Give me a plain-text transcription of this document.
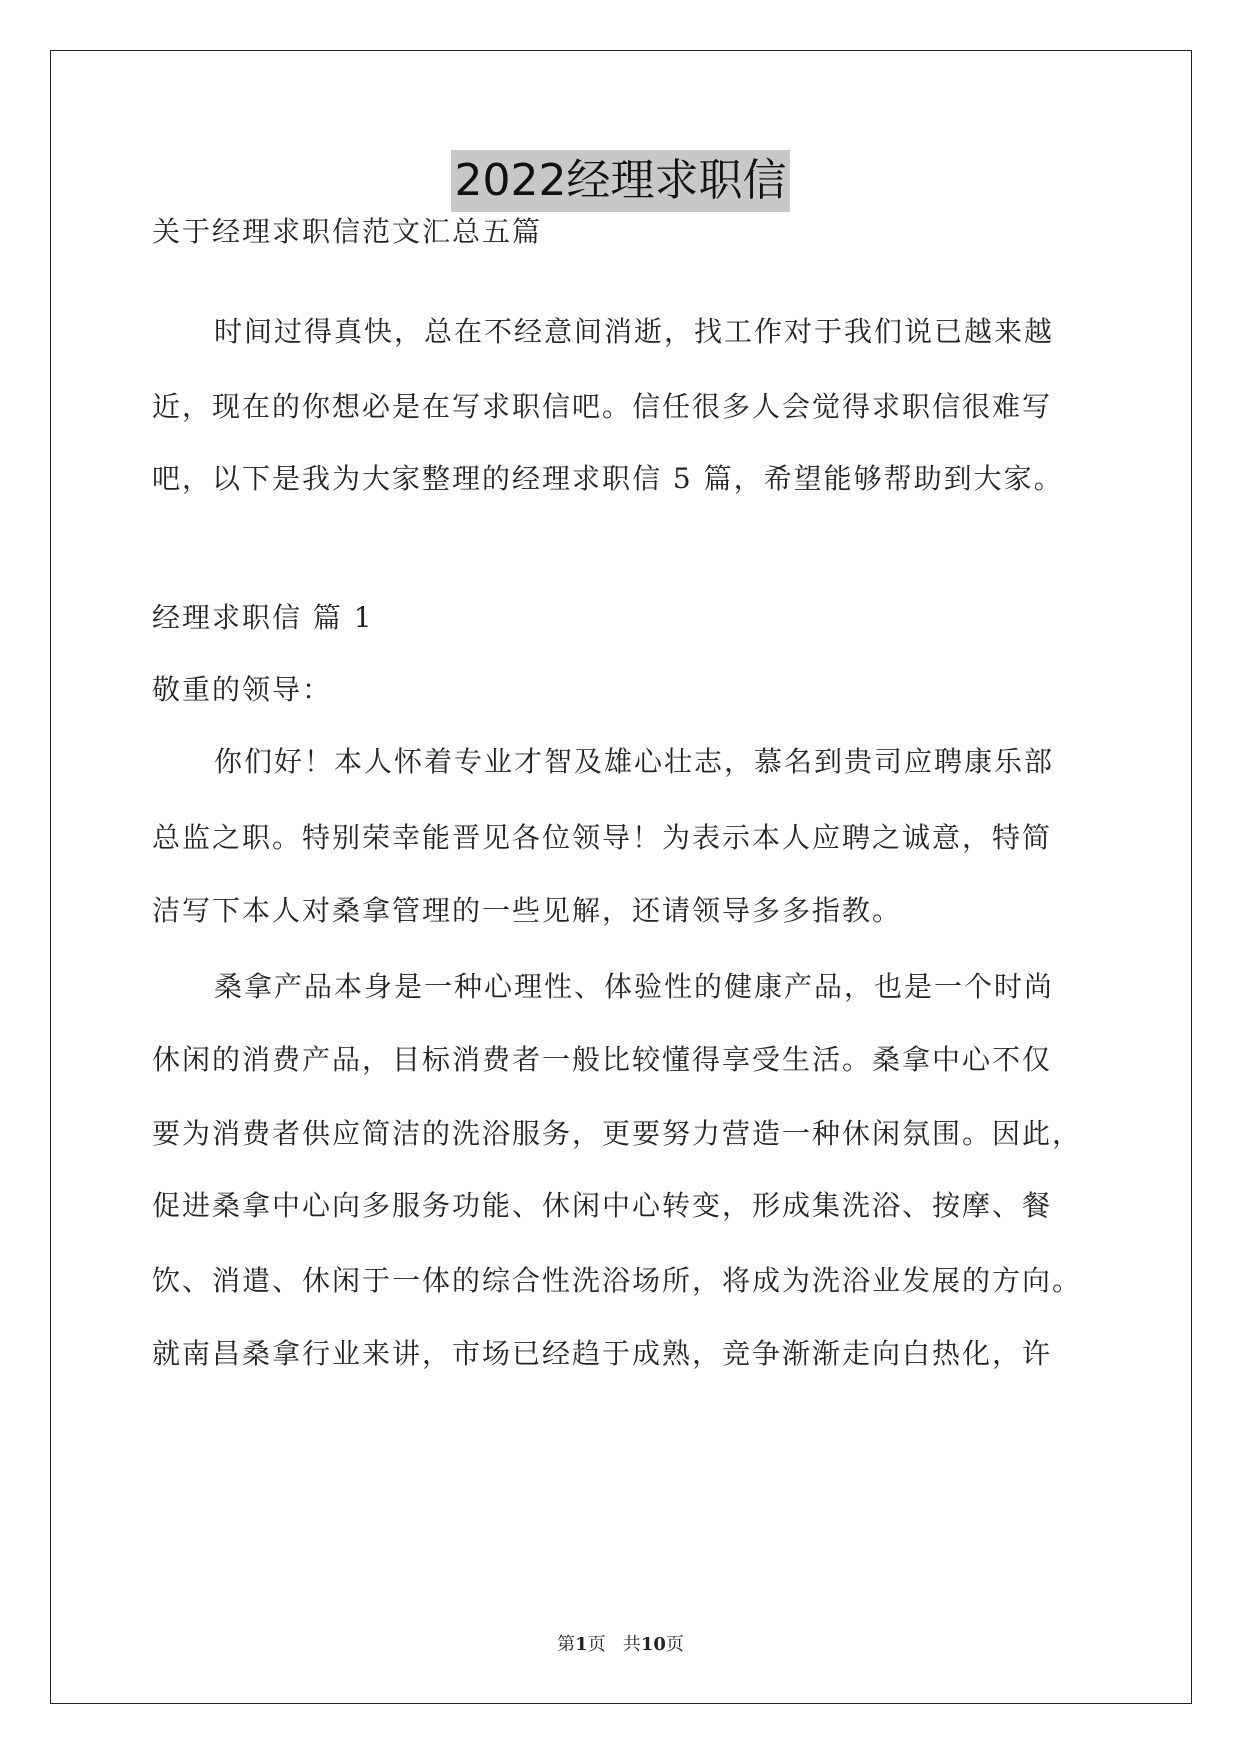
2022经理求职信
关于经理求职信范文汇总五篇
时间过得真快，总在不经意间消逝，找工作对于我们说已越来越
近，现在的你想必是在写求职信吧。信任很多人会觉得求职信很难写
吧，以下是我为大家整理的经理求职信 5 篇，希望能够帮助到大家。
经理求职信 篇 1
敬重的领导：
你们好！本人怀着专业才智及雄心壮志，慕名到贵司应聘康乐部
总监之职。特别荣幸能晋见各位领导！为表示本人应聘之诚意，特简
洁写下本人对桑拿管理的一些见解，还请领导多多指教。
桑拿产品本身是一种心理性、体验性的健康产品，也是一个时尚
休闲的消费产品，目标消费者一般比较懂得享受生活。桑拿中心不仅
要为消费者供应简洁的洗浴服务，更要努力营造一种休闲氛围。因此，
促进桑拿中心向多服务功能、休闲中心转变，形成集洗浴、按摩、餐
饮、消遣、休闲于一体的综合性洗浴场所，将成为洗浴业发展的方向。
就南昌桑拿行业来讲，市场已经趋于成熟，竞争渐渐走向白热化，许
第1页 共10页
